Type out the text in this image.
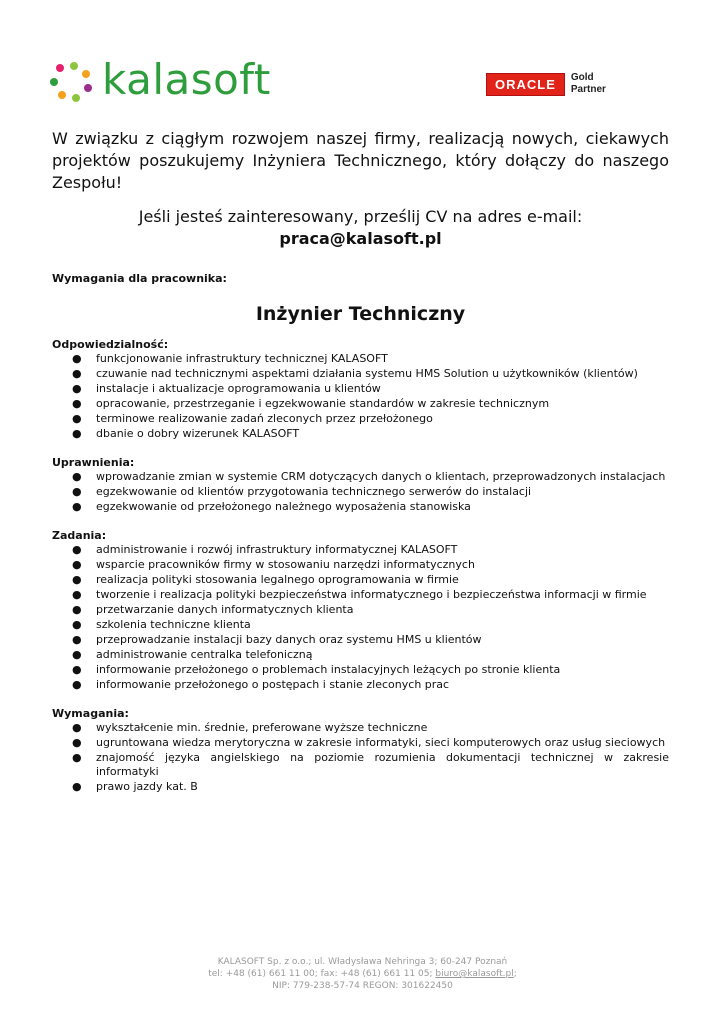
kalasoft	ORACLE	Gold
Partner

W związku z ciągłym rozwojem naszej firmy, realizacją nowych, ciekawych projektów poszukujemy Inżyniera Technicznego, który dołączy do naszego Zespołu!

Jeśli jesteś zainteresowany, prześlij CV na adres e-mail:

praca@kalasoft.pl

Wymagania dla pracownika:

Inżynier Techniczny

Odpowiedzialność:

● funkcjonowanie infrastruktury technicznej KALASOFT
● czuwanie nad technicznymi aspektami działania systemu HMS Solution u użytkowników (klientów)
● instalacje i aktualizacje oprogramowania u klientów
● opracowanie, przestrzeganie i egzekwowanie standardów w zakresie technicznym
● terminowe realizowanie zadań zleconych przez przełożonego
● dbanie o dobry wizerunek KALASOFT

Uprawnienia:

● wprowadzanie zmian w systemie CRM dotyczących danych o klientach, przeprowadzonych instalacjach
● egzekwowanie od klientów przygotowania technicznego serwerów do instalacji
● egzekwowanie od przełożonego należnego wyposażenia stanowiska

Zadania:

● administrowanie i rozwój infrastruktury informatycznej KALASOFT
● wsparcie pracowników firmy w stosowaniu narzędzi informatycznych
● realizacja polityki stosowania legalnego oprogramowania w firmie
● tworzenie i realizacja polityki bezpieczeństwa informatycznego i bezpieczeństwa informacji w firmie
● przetwarzanie danych informatycznych klienta
● szkolenia techniczne klienta
● przeprowadzanie instalacji bazy danych oraz systemu HMS u klientów
● administrowanie centralka telefoniczną
● informowanie przełożonego o problemach instalacyjnych leżących po stronie klienta
● informowanie przełożonego o postępach i stanie zleconych prac

Wymagania:

● wykształcenie min. średnie, preferowane wyższe techniczne
● ugruntowana wiedza merytoryczna w zakresie informatyki, sieci komputerowych oraz usług sieciowych
● znajomość języka angielskiego na poziomie rozumienia dokumentacji technicznej w zakresie informatyki
● prawo jazdy kat. B
KALASOFT Sp. z o.o.; ul. Władysława Nehringa 3; 60-247 Poznań
tel: +48 (61) 661 11 00; fax: +48 (61) 661 11 05; biuro@kalasoft.pl;
NIP: 779-238-57-74 REGON: 301622450
